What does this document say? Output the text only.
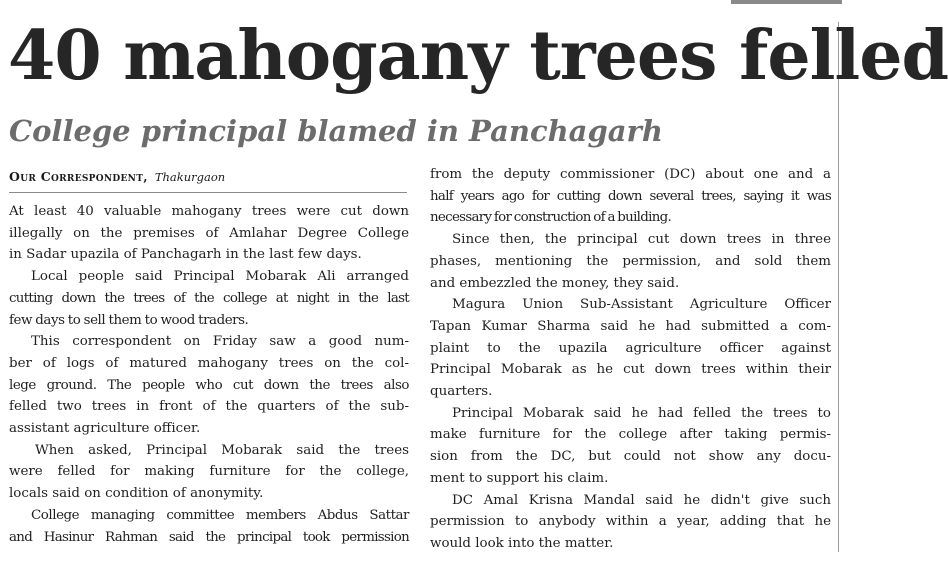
40 mahogany trees felled
College principal blamed in Panchagarh
Our Correspondent, Thakurgaon
At least 40 valuable mahogany trees were cut down
illegally on the premises of Amlahar Degree College
in Sadar upazila of Panchagarh in the last few days.
Local people said Principal Mobarak Ali arranged
cutting down the trees of the college at night in the last
few days to sell them to wood traders.
This correspondent on Friday saw a good num-
ber of logs of matured mahogany trees on the col-
lege ground. The people who cut down the trees also
felled two trees in front of the quarters of the sub-
assistant agriculture officer.
When asked, Principal Mobarak said the trees
were felled for making furniture for the college,
locals said on condition of anonymity.
College managing committee members Abdus Sattar
and Hasinur Rahman said the principal took permission
from the deputy commissioner (DC) about one and a
half years ago for cutting down several trees, saying it was
necessary for construction of a building.
Since then, the principal cut down trees in three
phases, mentioning the permission, and sold them
and embezzled the money, they said.
Magura Union Sub-Assistant Agriculture Officer
Tapan Kumar Sharma said he had submitted a com-
plaint to the upazila agriculture officer against
Principal Mobarak as he cut down trees within their
quarters.
Principal Mobarak said he had felled the trees to
make furniture for the college after taking permis-
sion from the DC, but could not show any docu-
ment to support his claim.
DC Amal Krisna Mandal said he didn't give such
permission to anybody within a year, adding that he
would look into the matter.
